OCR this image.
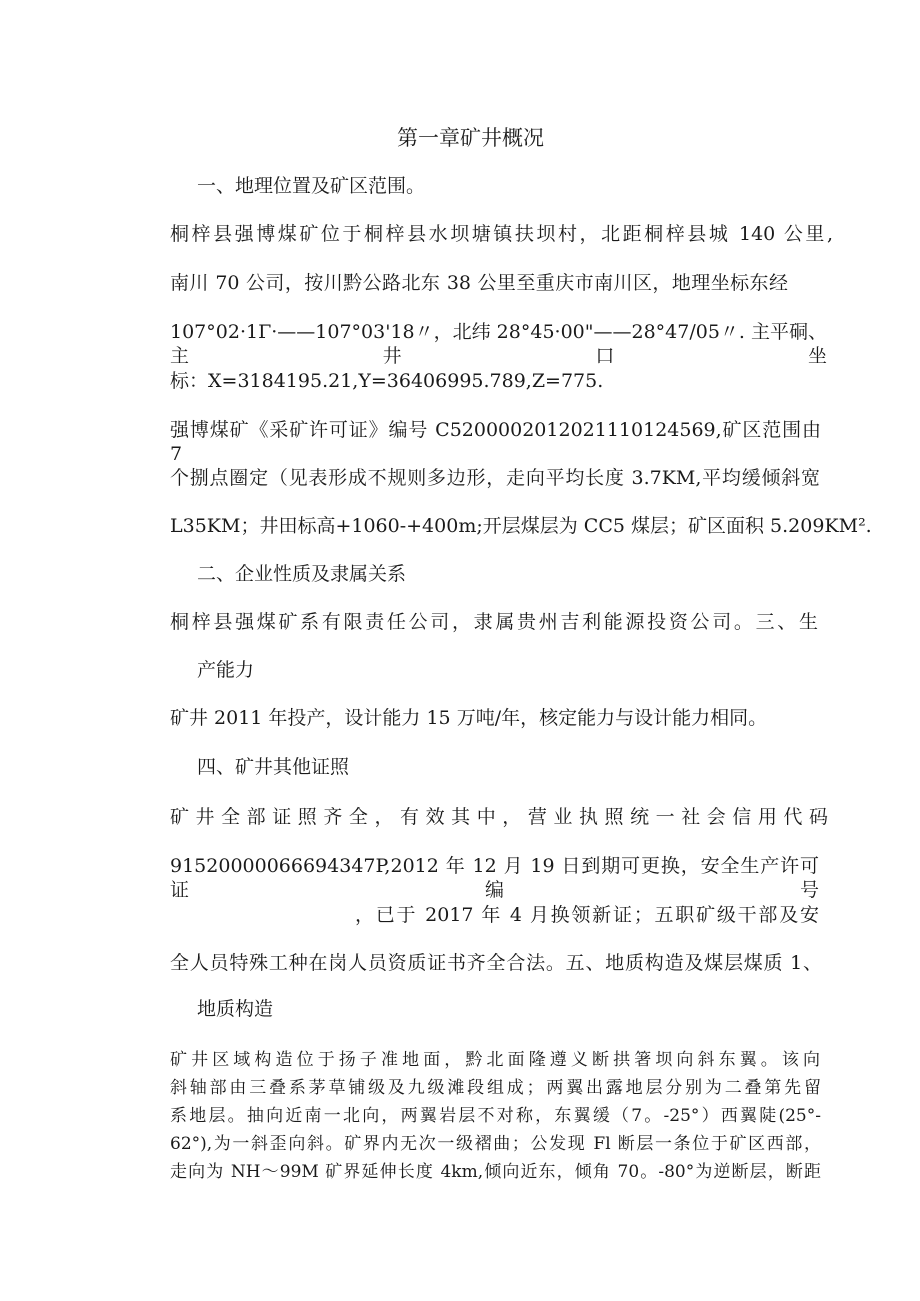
第一章矿井概况
一、地理位置及矿区范围。
桐梓县强博煤矿位于桐梓县水坝塘镇扶坝村，北距桐梓县城 140 公里,
南川 70 公司，按川黔公路北东 38 公里至重庆市南川区，地理坐标东经
107°02·1Γ·——107°03'18〃，北纬 28°45·00"——28°47∕05〃. 主平硐、主井口坐
标：X=3184195.21,Y=36406995.789,Z=775.
强博煤矿《采矿许可证》编号 C5200002012021110124569,矿区范围由 7
个捌点圈定（见表形成不规则多边形，走向平均长度 3.7KM,平均缓倾斜宽
L35KM；井田标高+1060-+400m;开层煤层为 CC5 煤层；矿区面积 5.209KM².
二、企业性质及隶属关系
桐梓县强煤矿系有限责任公司，隶属贵州吉利能源投资公司。三、生
产能力
矿井 2011 年投产，设计能力 15 万吨/年，核定能力与设计能力相同。
四、矿井其他证照
矿井全部证照齐全，有效其中，营业执照统一社会信用代码
91520000066694347P,2012 年 12 月 19 日到期可更换，安全生产许可证编号
，已于 2017 年 4 月换领新证；五职矿级干部及安
全人员特殊工种在岗人员资质证书齐全合法。五、地质构造及煤层煤质 1、
地质构造
矿井区域构造位于扬子准地面，黔北面隆遵义断拱箸坝向斜东翼。该向
斜轴部由三叠系茅草铺级及九级滩段组成；两翼出露地层分别为二叠第先留
系地层。抽向近南一北向，两翼岩层不对称，东翼缓（7。-25°）西翼陡(25°-
62°),为一斜歪向斜。矿界内无次一级褶曲；公发现 Fl 断层一条位于矿区西部，
走向为 NH～99M 矿界延伸长度 4km,倾向近东，倾角 70。-80°为逆断层，断距
